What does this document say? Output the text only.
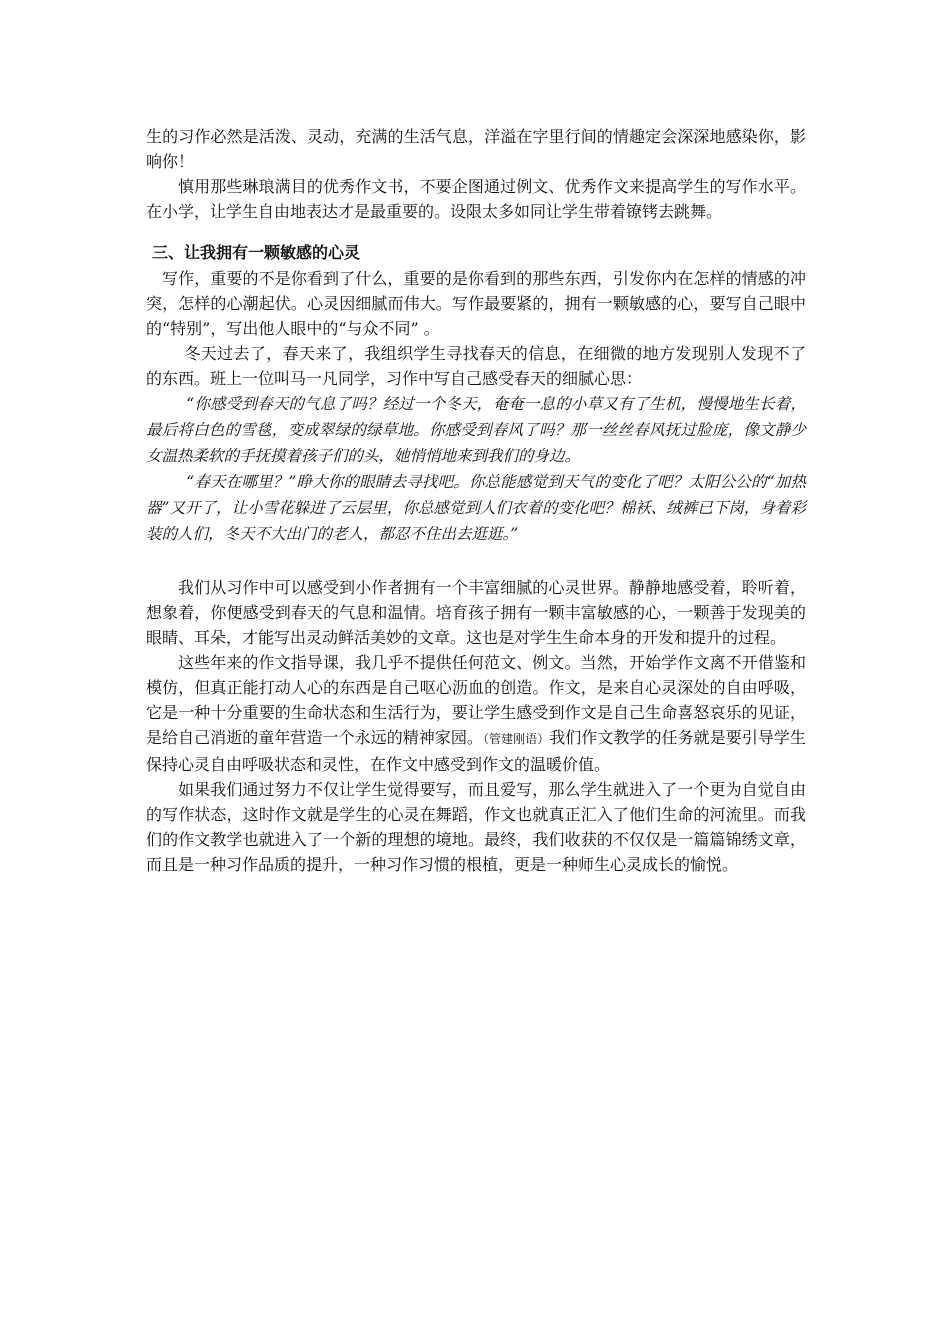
生的习作必然是活泼、灵动，充满的生活气息，洋溢在字里行间的情趣定会深深地感染你，影响你！

慎用那些琳琅满目的优秀作文书，不要企图通过例文、优秀作文来提高学生的写作水平。在小学，让学生自由地表达才是最重要的。设限太多如同让学生带着镣铐去跳舞。

三、让我拥有一颗敏感的心灵

写作，重要的不是你看到了什么，重要的是你看到的那些东西，引发你内在怎样的情感的冲突，怎样的心潮起伏。心灵因细腻而伟大。写作最要紧的，拥有一颗敏感的心，要写自己眼中的“特别”，写出他人眼中的“与众不同” 。

冬天过去了，春天来了，我组织学生寻找春天的信息，在细微的地方发现别人发现不了的东西。班上一位叫马一凡同学，习作中写自己感受春天的细腻心思：

“你感受到春天的气息了吗？经过一个冬天，奄奄一息的小草又有了生机，慢慢地生长着，最后将白色的雪毯，变成翠绿的绿草地。你感受到春风了吗？那一丝丝春风抚过脸庞，像文静少女温热柔软的手抚摸着孩子们的头，她悄悄地来到我们的身边。

“春天在哪里？”睁大你的眼睛去寻找吧。你总能感觉到天气的变化了吧？太阳公公的“加热器”又开了，让小雪花躲进了云层里，你总感觉到人们衣着的变化吧？棉袄、绒裤已下岗，身着彩装的人们，冬天不大出门的老人，都忍不住出去逛逛。”

我们从习作中可以感受到小作者拥有一个丰富细腻的心灵世界。静静地感受着，聆听着，想象着，你便感受到春天的气息和温情。培育孩子拥有一颗丰富敏感的心，一颗善于发现美的眼睛、耳朵，才能写出灵动鲜活美妙的文章。这也是对学生生命本身的开发和提升的过程。

这些年来的作文指导课，我几乎不提供任何范文、例文。当然，开始学作文离不开借鉴和模仿，但真正能打动人心的东西是自己呕心沥血的创造。作文，是来自心灵深处的自由呼吸，它是一种十分重要的生命状态和生活行为，要让学生感受到作文是自己生命喜怒哀乐的见证，是给自己消逝的童年营造一个永远的精神家园。（管建刚语）我们作文教学的任务就是要引导学生保持心灵自由呼吸状态和灵性，在作文中感受到作文的温暖价值。

如果我们通过努力不仅让学生觉得要写，而且爱写，那么学生就进入了一个更为自觉自由的写作状态，这时作文就是学生的心灵在舞蹈，作文也就真正汇入了他们生命的河流里。而我们的作文教学也就进入了一个新的理想的境地。最终，我们收获的不仅仅是一篇篇锦绣文章，而且是一种习作品质的提升，一种习作习惯的根植，更是一种师生心灵成长的愉悦。
